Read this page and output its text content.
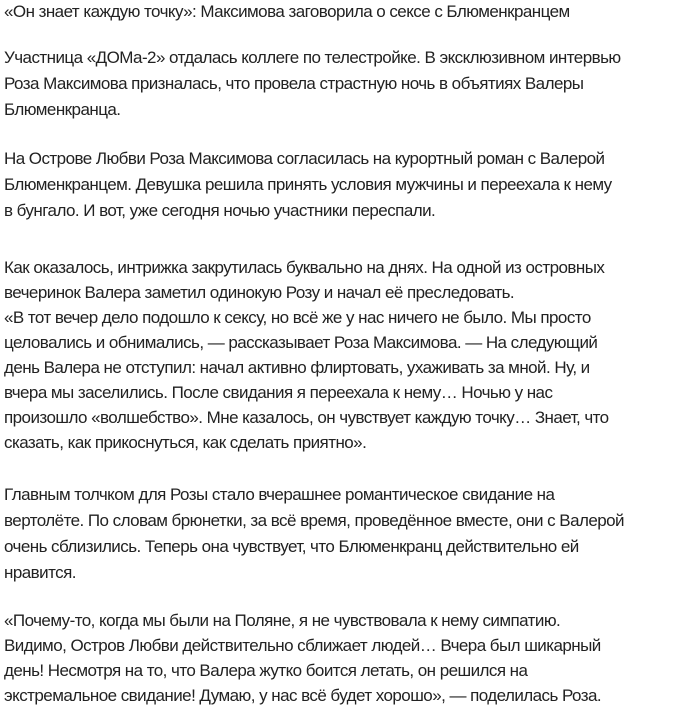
«Он знает каждую точку»: Максимова заговорила о сексе с Блюменкранцем
Участница «ДОМа-2» отдалась коллеге по телестройке. В эксклюзивном интервью
Роза Максимова призналась, что провела страстную ночь в объятиях Валеры
Блюменкранца.
На Острове Любви Роза Максимова согласилась на курортный роман с Валерой
Блюменкранцем. Девушка решила принять условия мужчины и переехала к нему
в бунгало. И вот, уже сегодня ночью участники переспали.
Как оказалось, интрижка закрутилась буквально на днях. На одной из островных
вечеринок Валера заметил одинокую Розу и начал её преследовать.
«В тот вечер дело подошло к сексу, но всё же у нас ничего не было. Мы просто
целовались и обнимались, — рассказывает Роза Максимова. — На следующий
день Валера не отступил: начал активно флиртовать, ухаживать за мной. Ну, и
вчера мы заселились. После свидания я переехала к нему… Ночью у нас
произошло «волшебство». Мне казалось, он чувствует каждую точку… Знает, что
сказать, как прикоснуться, как сделать приятно».
Главным толчком для Розы стало вчерашнее романтическое свидание на
вертолёте. По словам брюнетки, за всё время, проведённое вместе, они с Валерой
очень сблизились. Теперь она чувствует, что Блюменкранц действительно ей
нравится.
«Почему-то, когда мы были на Поляне, я не чувствовала к нему симпатию.
Видимо, Остров Любви действительно сближает людей… Вчера был шикарный
день! Несмотря на то, что Валера жутко боится летать, он решился на
экстремальное свидание! Думаю, у нас всё будет хорошо», — поделилась Роза.
